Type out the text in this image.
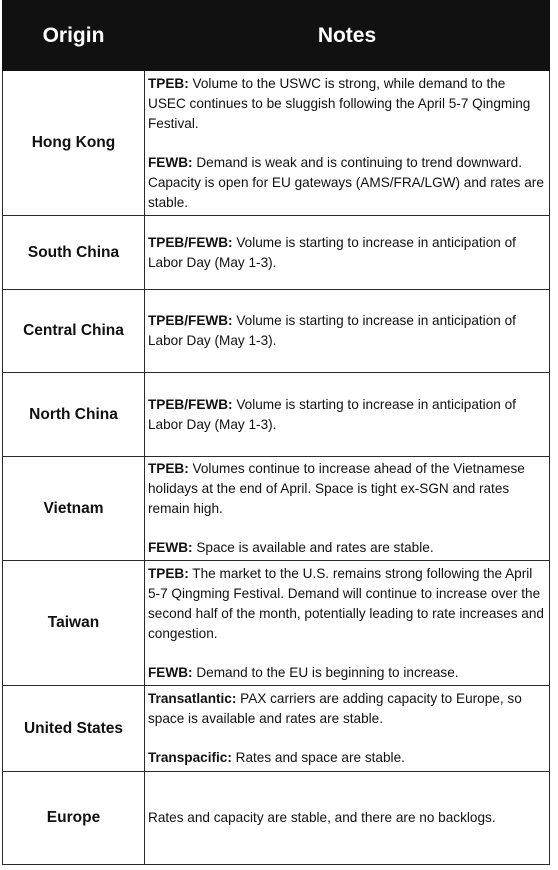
Origin	Notes
Hong Kong	TPEB: Volume to the USWC is strong, while demand to the USEC continues to be sluggish following the April 5-7 Qingming Festival.
FEWB: Demand is weak and is continuing to trend downward. Capacity is open for EU gateways (AMS/FRA/LGW) and rates are stable.

South China	TPEB/FEWB: Volume is starting to increase in anticipation of Labor Day (May 1-3).

Central China	TPEB/FEWB: Volume is starting to increase in anticipation of Labor Day (May 1-3).

North China	TPEB/FEWB: Volume is starting to increase in anticipation of Labor Day (May 1-3).

Vietnam	TPEB: Volumes continue to increase ahead of the Vietnamese holidays at the end of April. Space is tight ex-SGN and rates remain high.
FEWB: Space is available and rates are stable.

Taiwan	TPEB: The market to the U.S. remains strong following the April 5-7 Qingming Festival. Demand will continue to increase over the second half of the month, potentially leading to rate increases and congestion.
FEWB: Demand to the EU is beginning to increase.

United States	Transatlantic: PAX carriers are adding capacity to Europe, so space is available and rates are stable.
Transpacific: Rates and space are stable.

Europe	Rates and capacity are stable, and there are no backlogs.
